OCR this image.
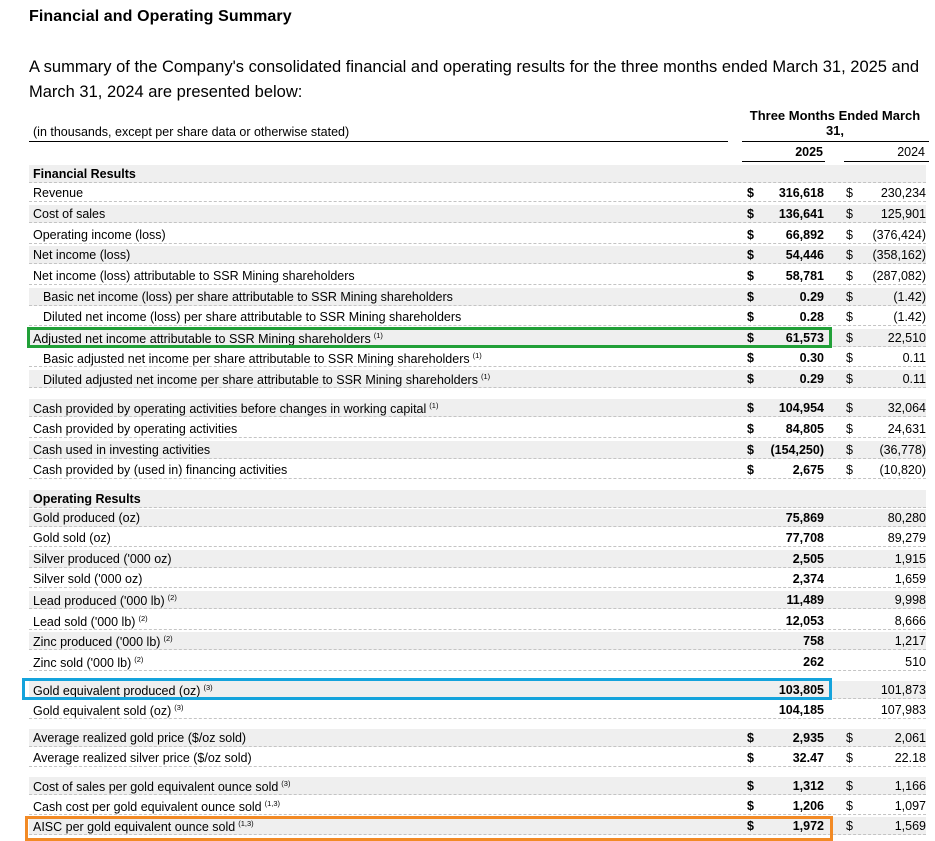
Financial and Operating Summary
A summary of the Company's consolidated financial and operating results for the three months ended March 31, 2025 and March 31, 2024 are presented below:
Three Months Ended March 31,
(in thousands, except per share data or otherwise stated)
2025	2024
Financial Results
Revenue	$	316,618 $	230,234
Cost of sales	$	136,641 $	125,901
Operating income (loss)	$	66,892 $	(376,424)
Net income (loss)	$	54,446 $	(358,162)
Net income (loss) attributable to SSR Mining shareholders	$	58,781 $	(287,082)
Basic net income (loss) per share attributable to SSR Mining shareholders	$	0.29 $	(1.42)
Diluted net income (loss) per share attributable to SSR Mining shareholders	$	0.28 $	(1.42)
Adjusted net income attributable to SSR Mining shareholders $^{(1)}$	$	61,573 $	22,510
Basic adjusted net income per share attributable to SSR Mining shareholders $^{(1)}$	$	0.30 $	0.11
Diluted adjusted net income per share attributable to SSR Mining shareholders $^{(1)}$	$	0.29 $	0.11
Cash provided by operating activities before changes in working capital $^{(1)}$	$	104,954 $	32,064
Cash provided by operating activities	$	84,805 $	24,631
Cash used in investing activities	$	(154,250) $	(36,778)
Cash provided by (used in) financing activities	$	2,675 $	(10,820)
Operating Results
Gold produced (oz)	75,869	80,280
Gold sold (oz)	77,708	89,279
Silver produced ('000 oz)	2,505	1,915
Silver sold ('000 oz)	2,374	1,659
Lead produced ('000 lb) $^{(2)}$	11,489	9,998
Lead sold ('000 lb) $^{(2)}$	12,053	8,666
Zinc produced ('000 lb) $^{(2)}$	758	1,217
Zinc sold ('000 lb) $^{(2)}$	262	510
Gold equivalent produced (oz) $^{(3)}$	103,805	101,873
Gold equivalent sold (oz) $^{(3)}$	104,185	107,983
Average realized gold price ($/oz sold)	$	2,935 $	2,061
Average realized silver price ($/oz sold)	$	32.47 $	22.18
Cost of sales per gold equivalent ounce sold $^{(3)}$	$	1,312 $	1,166
Cash cost per gold equivalent ounce sold $^{(1,3)}$	$	1,206 $	1,097
AISC per gold equivalent ounce sold $^{(1,3)}$	$	1,972 $	1,569
